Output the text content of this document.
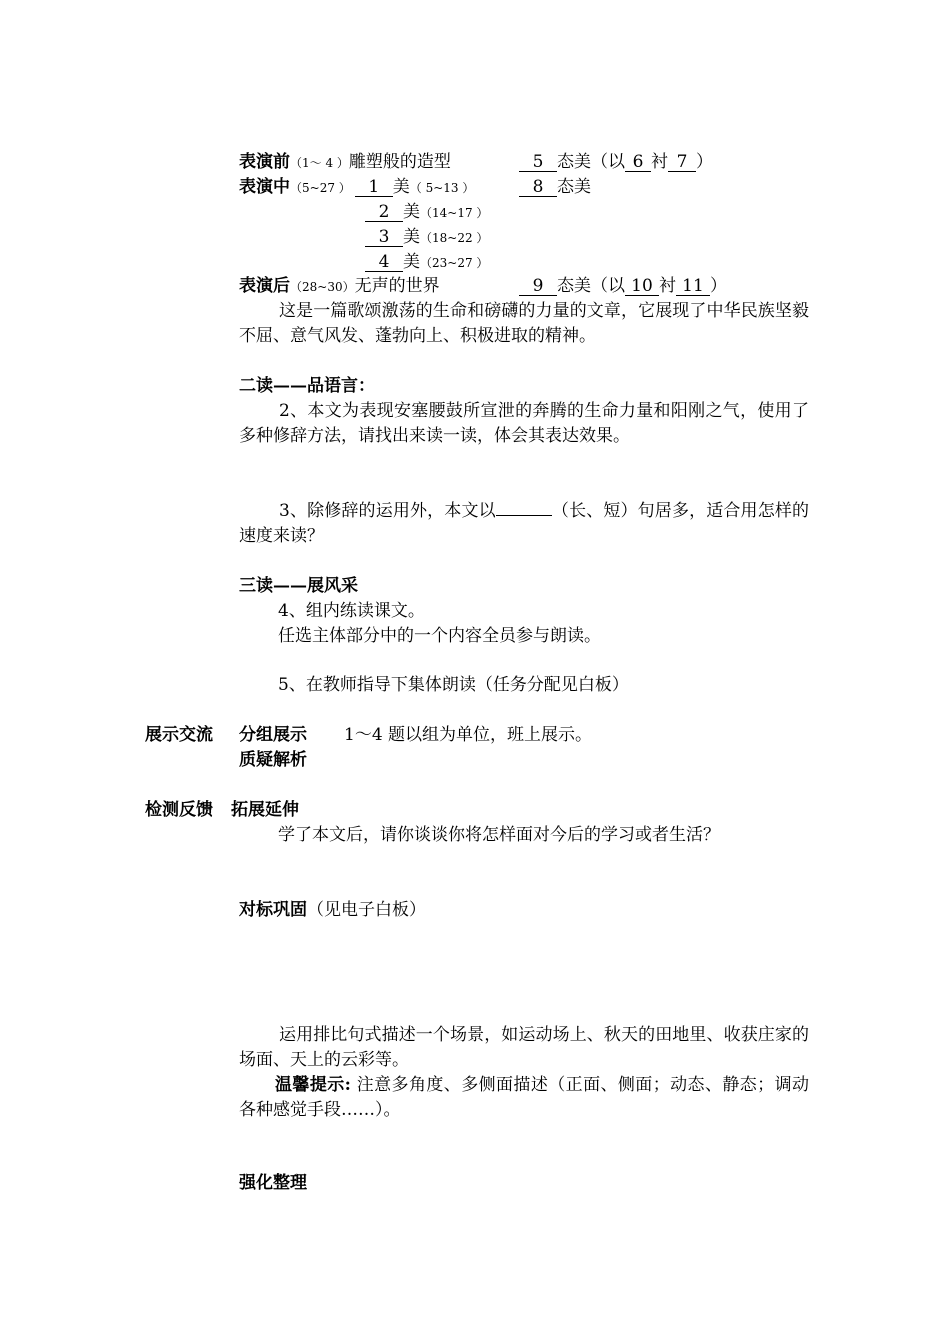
表演前（1～ 4 ）雕塑般的造型	5 态美（以 6 衬 7 ）
表演中（5~27 ） 1 美（ 5~13 ）	8 态美
2 美（14~17 ）
3 美（18~22 ）
4 美（23~27 ）
表演后（28~30）无声的世界	9 态美（以 10 衬 11 ）
这是一篇歌颂激荡的生命和磅礴的力量的文章，它展现了中华民族坚毅不屈、意气风发、蓬勃向上、积极进取的精神。
二读——品语言：
2、本文为表现安塞腰鼓所宣泄的奔腾的生命力量和阳刚之气，使用了多种修辞方法，请找出来读一读，体会其表达效果。
3、除修辞的运用外，本文以	（长、短）句居多，适合用怎样的速度来读？
三读——展风采
4、组内练读课文。
任选主体部分中的一个内容全员参与朗读。
5、在教师指导下集体朗读（任务分配见白板）
展示交流 分组展示 1～4 题以组为单位，班上展示。
质疑解析
检测反馈 拓展延伸
学了本文后，请你谈谈你将怎样面对今后的学习或者生活？
对标巩固（见电子白板）
运用排比句式描述一个场景，如运动场上、秋天的田地里、收获庄家的场面、天上的云彩等。
温馨提示: 注意多角度、多侧面描述（正面、侧面；动态、静态；调动各种感觉手段……）。
强化整理
